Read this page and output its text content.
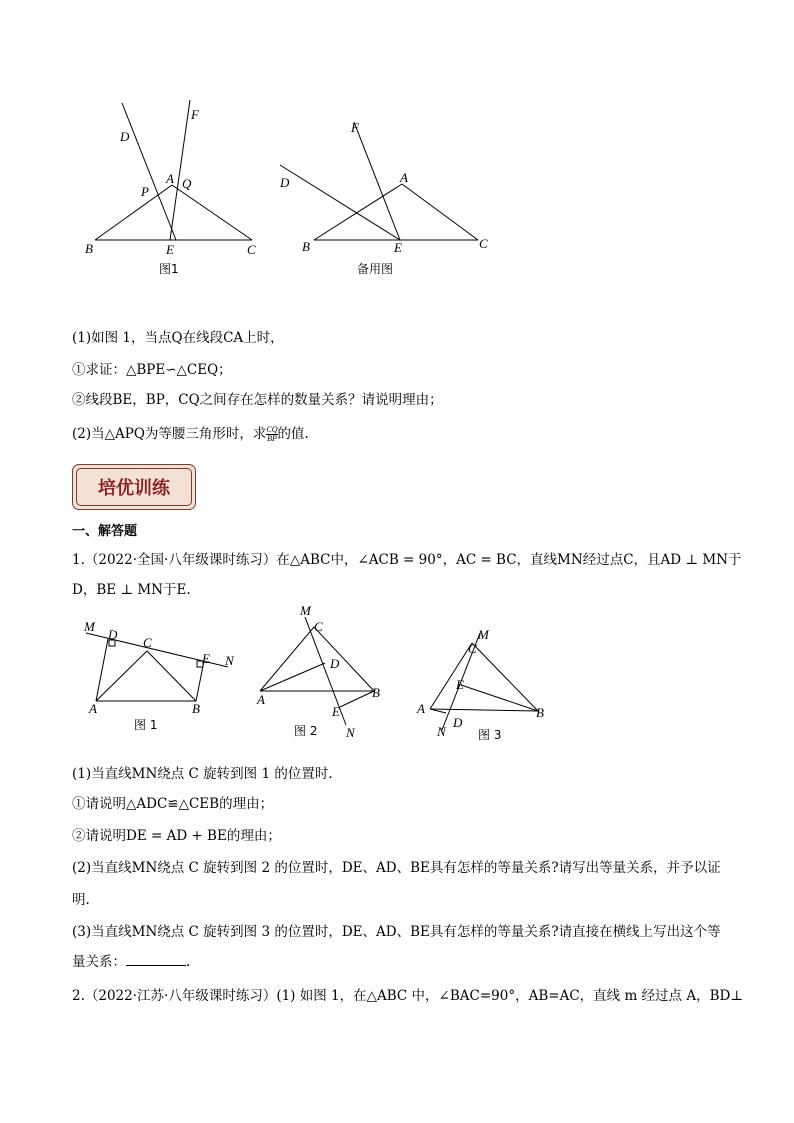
D
F
A
P
Q
B	E	C
图1
F
D	A
B	E	C
备用图
(1)如图 1，当点Q在线段CA上时，
①求证：△BPE∽△CEQ；
②线段BE，BP，CQ之间存在怎样的数量关系？请说明理由；
(2)当△APQ为等腰三角形时，求 $\frac{CQ}{BP}$ 的值.
培优训练
一、解答题
1.（2022·全国·八年级课时练习）在△ABC中，∠ACB = 90°，AC = BC，直线MN经过点C，且AD ⊥ MN于
D，BE ⊥ MN于E.
M
D
C
E N
A	B
M
C
D
A	B
E
N
M
C
E
A	B
D
N
图 1	图 2	图 3
(1)当直线MN绕点 C 旋转到图 1 的位置时.
①请说明△ADC≌△CEB的理由；
②请说明DE = AD + BE的理由；
(2)当直线MN绕点 C 旋转到图 2 的位置时，DE、AD、BE具有怎样的等量关系?请写出等量关系，并予以证
明.
(3)当直线MN绕点 C 旋转到图 3 的位置时，DE、AD、BE具有怎样的等量关系?请直接在横线上写出这个等
量关系：	.
2.（2022·江苏·八年级课时练习）(1) 如图 1，在△ABC 中，∠BAC=90°，AB=AC，直线 m 经过点 A，BD⊥
